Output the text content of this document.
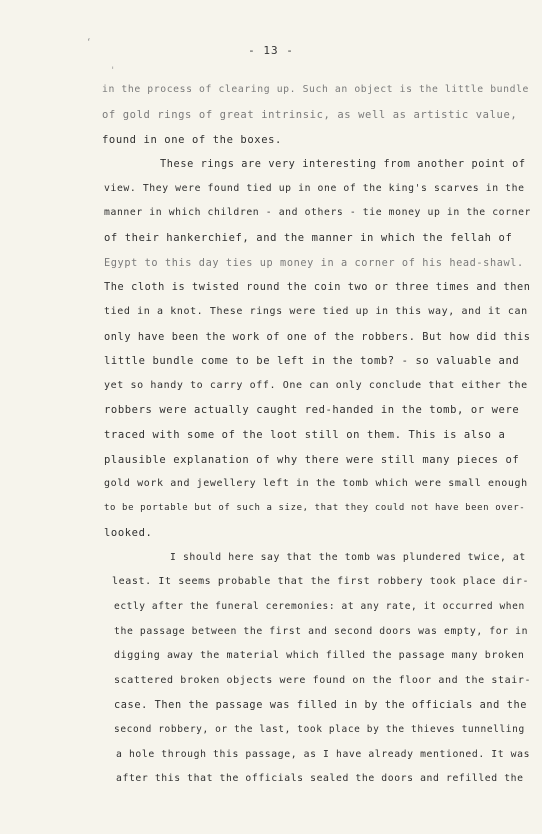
‘
'
- 13 -
in the process of clearing up. Such an object is the little bundle
of gold rings of great intrinsic, as well as artistic value,
found in one of the boxes.
These rings are very interesting from another point of
view. They were found tied up in one of the king's scarves in the
manner in which children - and others - tie money up in the corner
of their hankerchief, and the manner in which the fellah of
Egypt to this day ties up money in a corner of his head-shawl.
The cloth is twisted round the coin two or three times and then
tied in a knot. These rings were tied up in this way, and it can
only have been the work of one of the robbers. But how did this
little bundle come to be left in the tomb? - so valuable and
yet so handy to carry off. One can only conclude that either the
robbers were actually caught red-handed in the tomb, or were
traced with some of the loot still on them. This is also a
plausible explanation of why there were still many pieces of
gold work and jewellery left in the tomb which were small enough
to be portable but of such a size, that they could not have been over-
looked.
I should here say that the tomb was plundered twice, at
least. It seems probable that the first robbery took place dir-
ectly after the funeral ceremonies: at any rate, it occurred when
the passage between the first and second doors was empty, for in
digging away the material which filled the passage many broken
scattered broken objects were found on the floor and the stair-
case. Then the passage was filled in by the officials and the
second robbery, or the last, took place by the thieves tunnelling
a hole through this passage, as I have already mentioned. It was
after this that the officials sealed the doors and refilled the
